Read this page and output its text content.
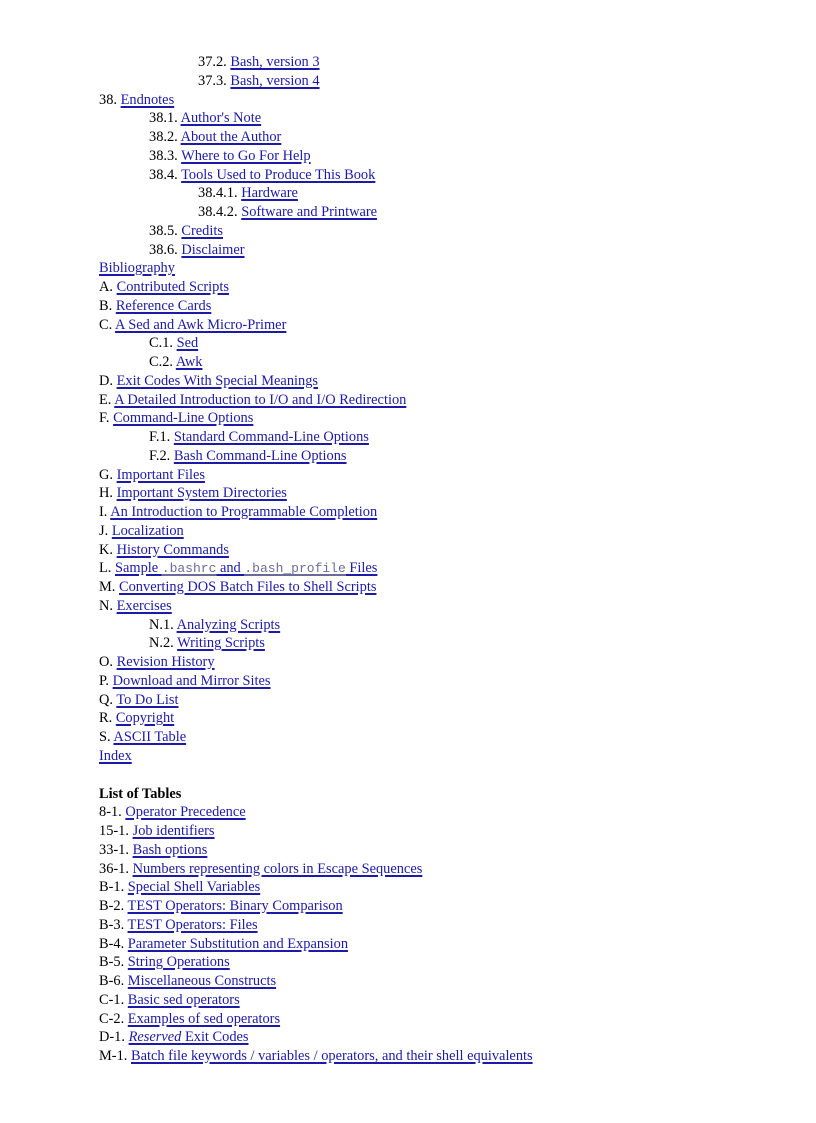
37.2. Bash, version 3
37.3. Bash, version 4
38. Endnotes
38.1. Author's Note
38.2. About the Author
38.3. Where to Go For Help
38.4. Tools Used to Produce This Book
38.4.1. Hardware
38.4.2. Software and Printware
38.5. Credits
38.6. Disclaimer
Bibliography
A. Contributed Scripts
B. Reference Cards
C. A Sed and Awk Micro-Primer
C.1. Sed
C.2. Awk
D. Exit Codes With Special Meanings
E. A Detailed Introduction to I/O and I/O Redirection
F. Command-Line Options
F.1. Standard Command-Line Options
F.2. Bash Command-Line Options
G. Important Files
H. Important System Directories
I. An Introduction to Programmable Completion
J. Localization
K. History Commands
L. Sample .bashrc and .bash_profile Files
M. Converting DOS Batch Files to Shell Scripts
N. Exercises
N.1. Analyzing Scripts
N.2. Writing Scripts
O. Revision History
P. Download and Mirror Sites
Q. To Do List
R. Copyright
S. ASCII Table
Index
List of Tables
8-1. Operator Precedence
15-1. Job identifiers
33-1. Bash options
36-1. Numbers representing colors in Escape Sequences
B-1. Special Shell Variables
B-2. TEST Operators: Binary Comparison
B-3. TEST Operators: Files
B-4. Parameter Substitution and Expansion
B-5. String Operations
B-6. Miscellaneous Constructs
C-1. Basic sed operators
C-2. Examples of sed operators
D-1. Reserved Exit Codes
M-1. Batch file keywords / variables / operators, and their shell equivalents
